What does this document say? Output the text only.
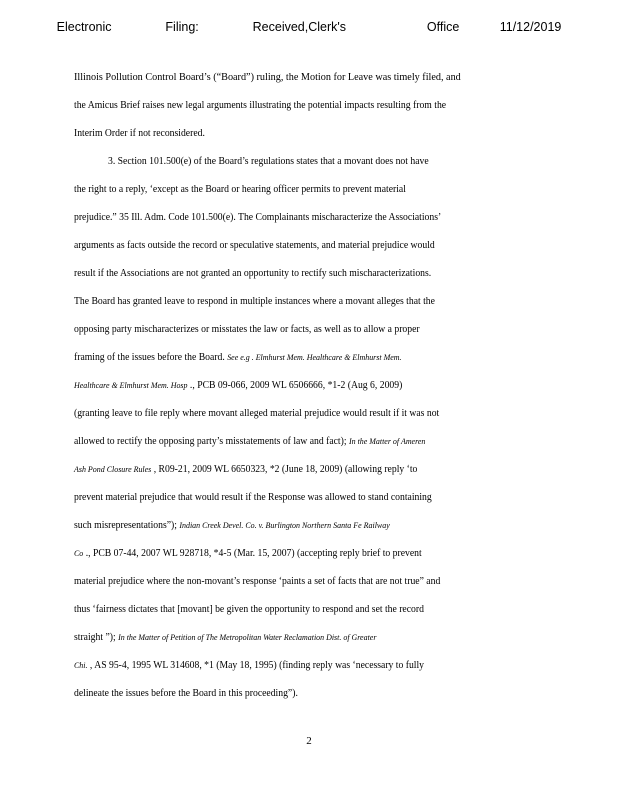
Electronic    Filing:    Received,Clerk's      Office   11/12/2019
Illinois Pollution Control Board’s (“Board”) ruling, the Motion for Leave was timely filed, and
the Amicus Brief raises new legal arguments illustrating the potential impacts resulting from the
Interim Order if not reconsidered.
3. Section 101.500(e) of the Board’s regulations states that a movant does not have
the right to a reply, ‘except as the Board or hearing officer permits to prevent material
prejudice.” 35 Ill. Adm. Code 101.500(e). The Complainants mischaracterize the Associations’
arguments as facts outside the record or speculative statements, and material prejudice would
result if the Associations are not granted an opportunity to rectify such mischaracterizations.
The Board has granted leave to respond in multiple instances where a movant alleges that the
opposing party mischaracterizes or misstates the law or facts, as well as to allow a proper
framing of the issues before the Board. See e.g . Elmhurst Mem. Healthcare & Elmhurst Mem.
Healthcare & Elmhurst Mem. Hosp ., PCB 09-066, 2009 WL 6506666, *1-2 (Aug 6, 2009)
(granting leave to file reply where movant alleged material prejudice would result if it was not
allowed to rectify the opposing party’s misstatements of law and fact); In the Matter of Ameren
Ash Pond Closure Rules , R09-21, 2009 WL 6650323, *2 (June 18, 2009) (allowing reply ‘to
prevent material prejudice that would result if the Response was allowed to stand containing
such misrepresentations”); Indian Creek Devel. Co. v. Burlington Northern Santa Fe Railway
Co ., PCB 07-44, 2007 WL 928718, *4-5 (Mar. 15, 2007) (accepting reply brief to prevent
material prejudice where the non-movant’s response ‘paints a set of facts that are not true” and
thus ‘fairness dictates that [movant] be given the opportunity to respond and set the record
straight ”); In the Matter of Petition of The Metropolitan Water Reclamation Dist. of Greater
Chi. , AS 95-4, 1995 WL 314608, *1 (May 18, 1995) (finding reply was ‘necessary to fully
delineate the issues before the Board in this proceeding”).
2
